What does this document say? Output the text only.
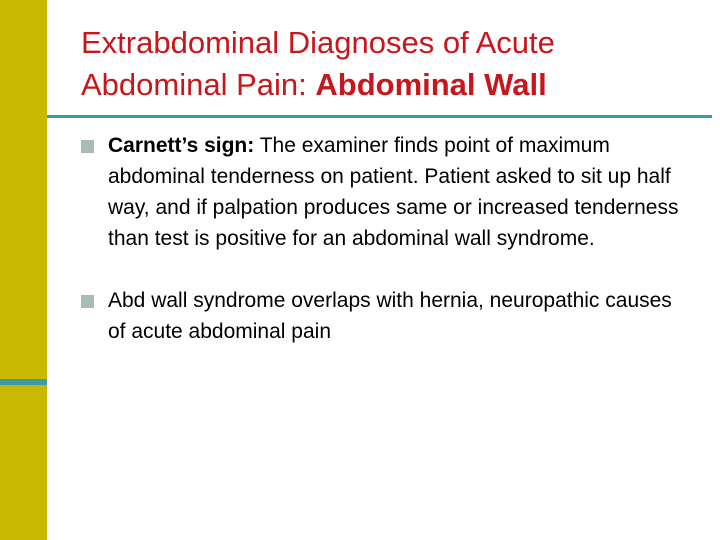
Extrabdominal Diagnoses of Acute Abdominal Pain: Abdominal Wall
Carnett’s sign: The examiner finds point of maximum abdominal tenderness on patient. Patient asked to sit up half way, and if palpation produces same or increased tenderness than test is positive for an abdominal wall syndrome.
Abd wall syndrome overlaps with hernia, neuropathic causes of acute abdominal pain
